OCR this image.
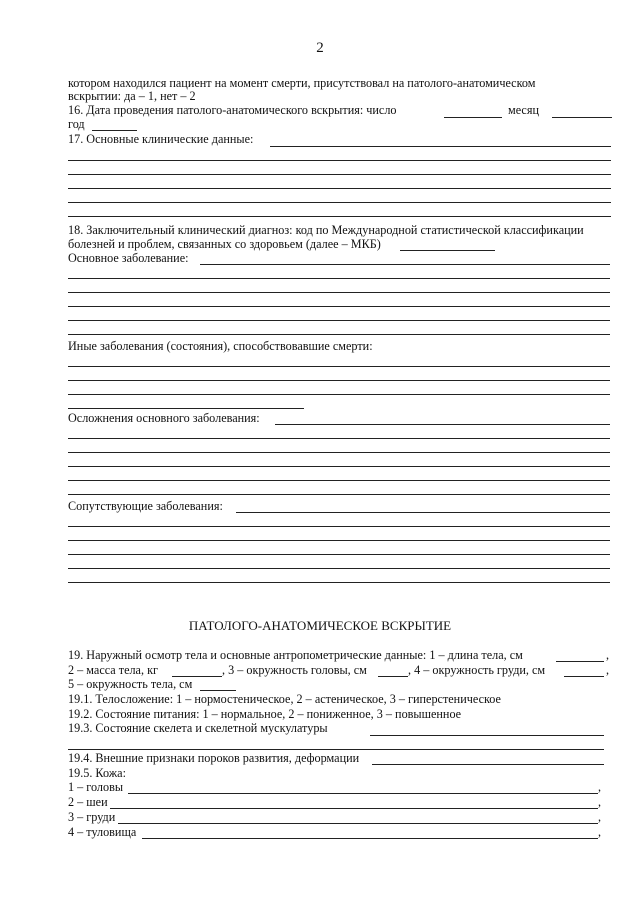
2
котором находился пациент на момент смерти, присутствовал на патолого-анатомическом
вскрытии: да – 1, нет – 2
16. Дата проведения патолого-анатомического вскрытия: число	месяц
год
17. Основные клинические данные:
18. Заключительный клинический диагноз: код по Международной статистической классификации
болезней и проблем, связанных со здоровьем (далее – МКБ)
Основное заболевание:
Иные заболевания (состояния), способствовавшие смерти:
Осложнения основного заболевания:
Сопутствующие заболевания:
ПАТОЛОГО-АНАТОМИЧЕСКОЕ ВСКРЫТИЕ
19. Наружный осмотр тела и основные антропометрические данные: 1 – длина тела, см	,
2 – масса тела, кг	, 3 – окружность головы, см	, 4 – окружность груди, см	,
5 – окружность тела, см
19.1. Телосложение: 1 – нормостеническое, 2 – астеническое, 3 – гиперстеническое
19.2. Состояние питания: 1 – нормальное, 2 – пониженное, 3 – повышенное
19.3. Состояние скелета и скелетной мускулатуры
19.4. Внешние признаки пороков развития, деформации
19.5. Кожа:
1 – головы	,
2 – шеи	,
3 – груди	,
4 – туловища	,
